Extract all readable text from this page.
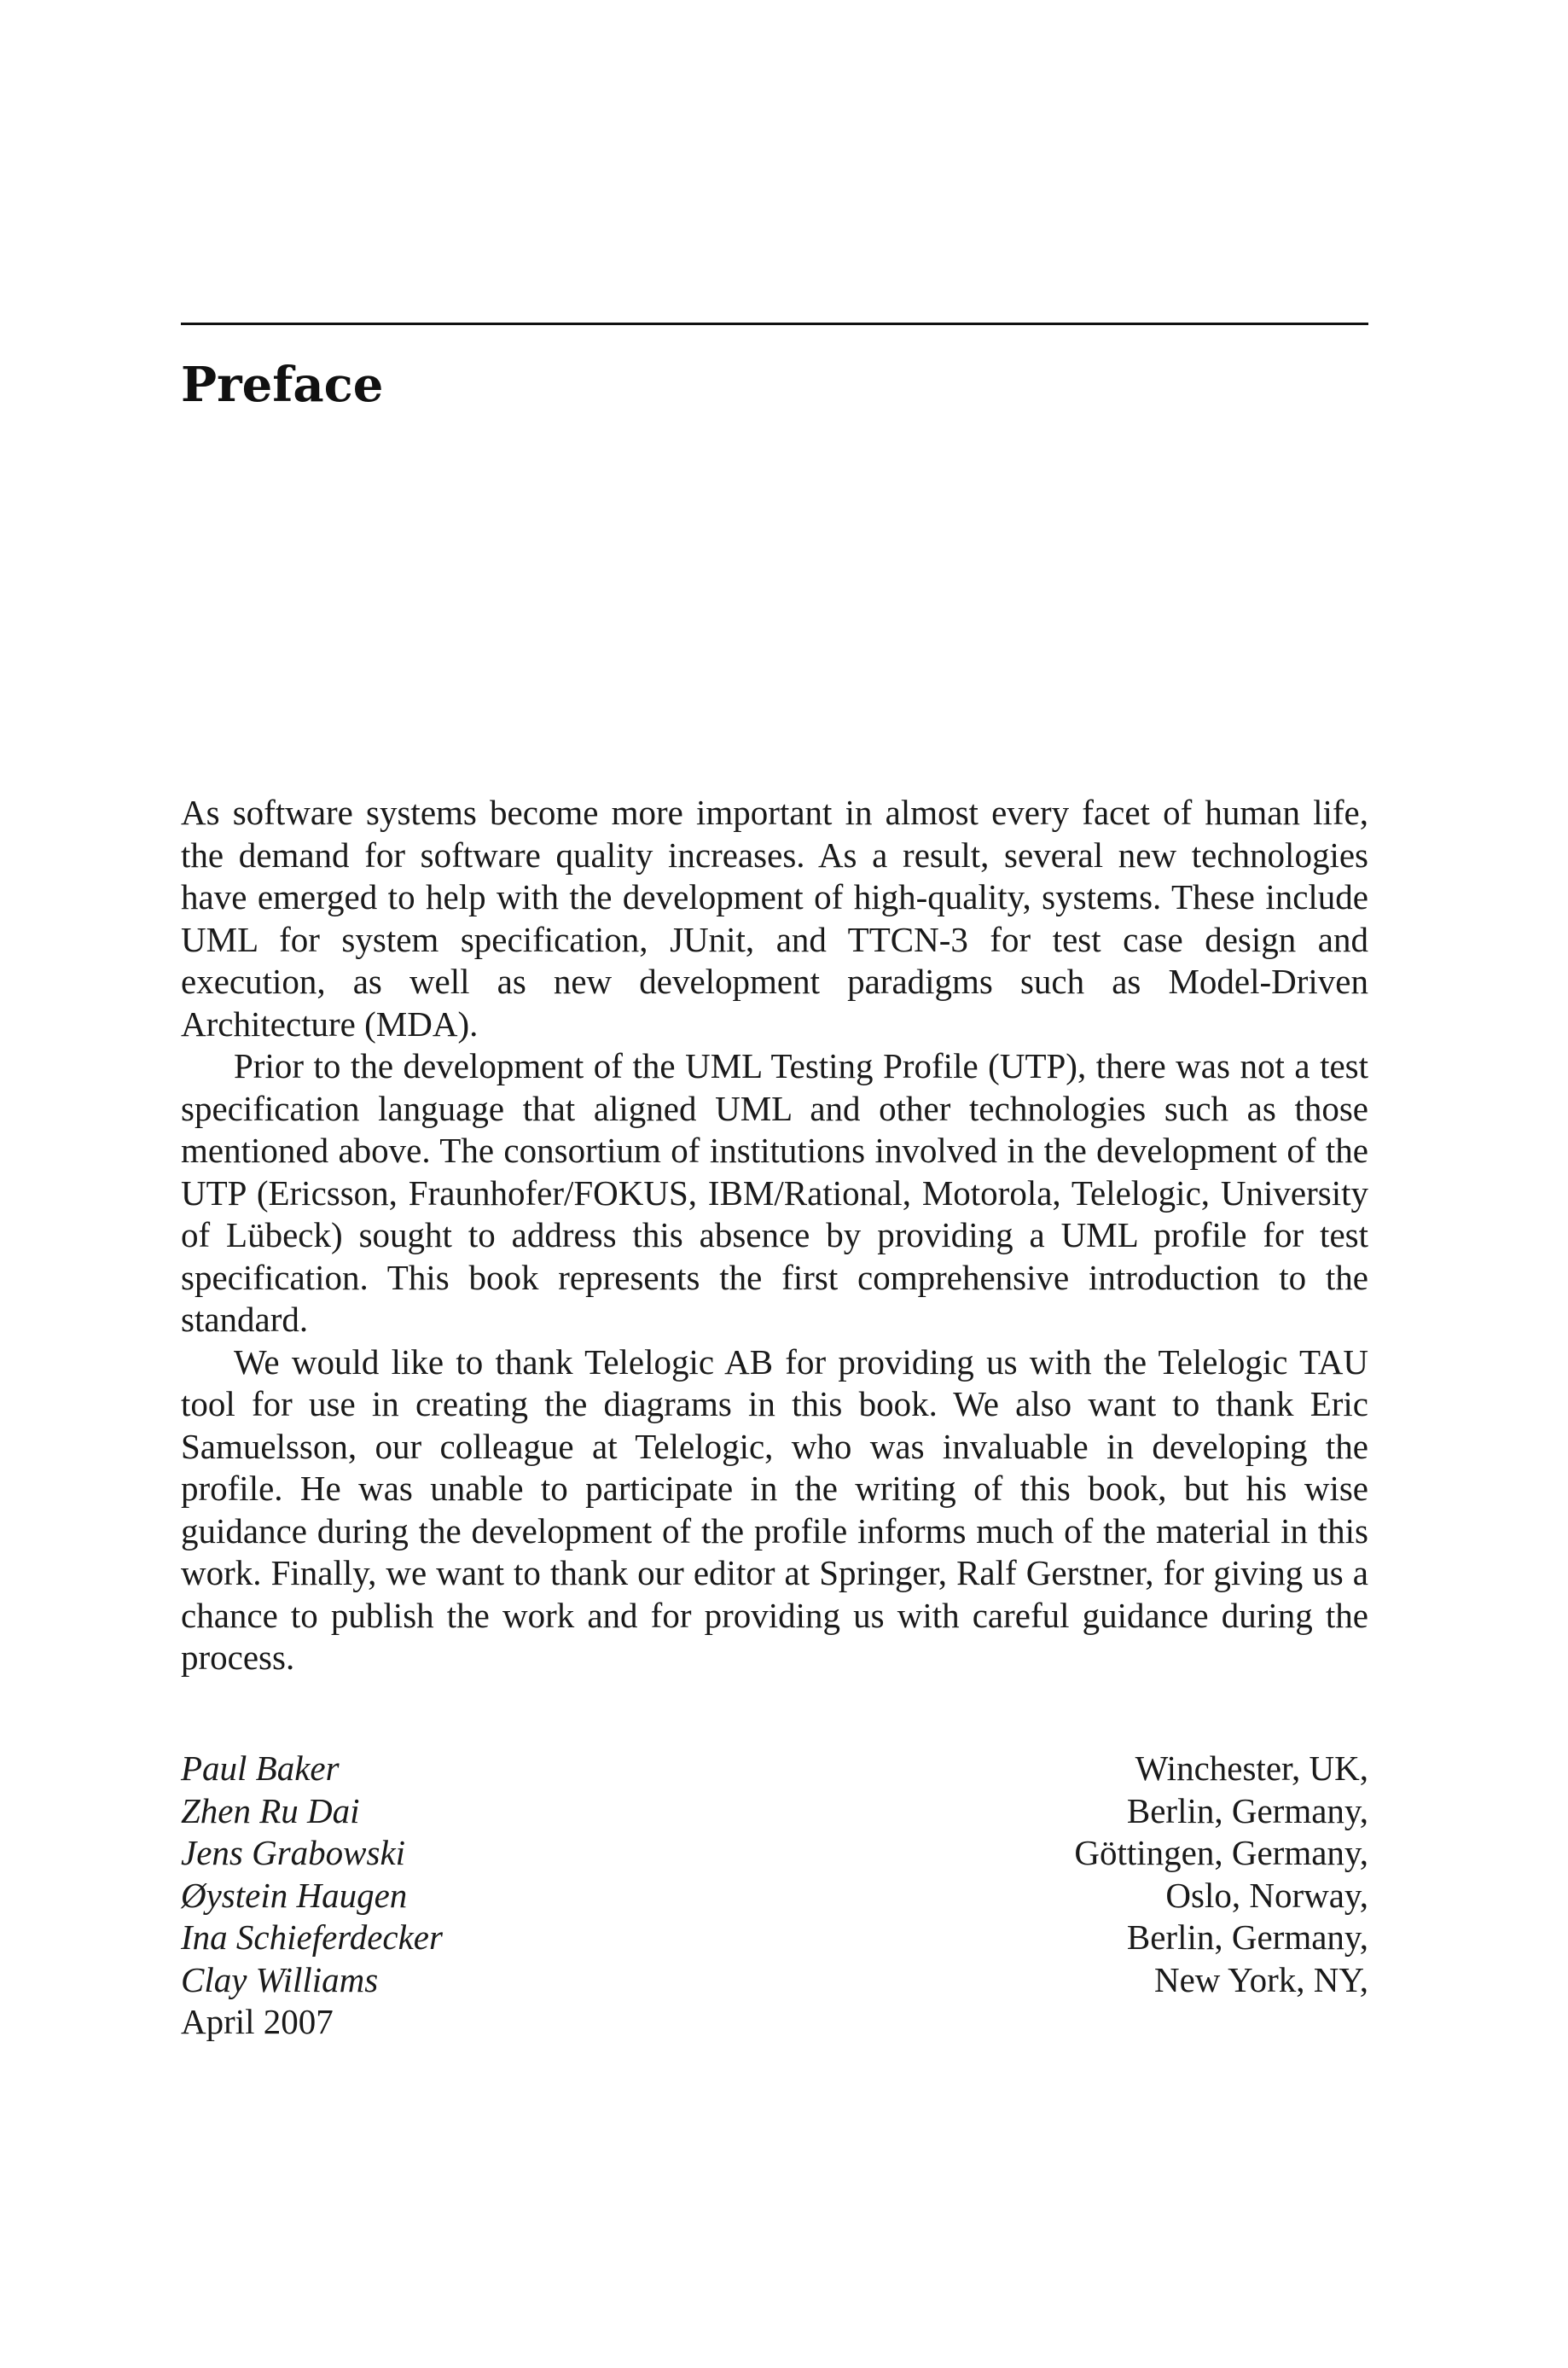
Preface

As software systems become more important in almost every facet of human life, the demand for software quality increases. As a result, several new technologies have emerged to help with the development of high-quality, systems. These include UML for system specification, JUnit, and TTCN-3 for test case design and execution, as well as new development paradigms such as Model-Driven Architecture (MDA).

Prior to the development of the UML Testing Profile (UTP), there was not a test specification language that aligned UML and other technologies such as those mentioned above. The consortium of institutions involved in the development of the UTP (Ericsson, Fraunhofer/FOKUS, IBM/Rational, Motorola, Telelogic, University of Lübeck) sought to address this absence by providing a UML profile for test specification. This book represents the first comprehensive introduction to the standard.

We would like to thank Telelogic AB for providing us with the Telelogic TAU tool for use in creating the diagrams in this book. We also want to thank Eric Samuelsson, our colleague at Telelogic, who was invaluable in developing the profile. He was unable to participate in the writing of this book, but his wise guidance during the development of the profile informs much of the material in this work. Finally, we want to thank our editor at Springer, Ralf Gerstner, for giving us a chance to publish the work and for providing us with careful guidance during the process.

Paul Baker	Winchester, UK,
Zhen Ru Dai	Berlin, Germany,
Jens Grabowski	Göttingen, Germany,
Øystein Haugen	Oslo, Norway,
Ina Schieferdecker	Berlin, Germany,
Clay Williams	New York, NY,
April 2007
